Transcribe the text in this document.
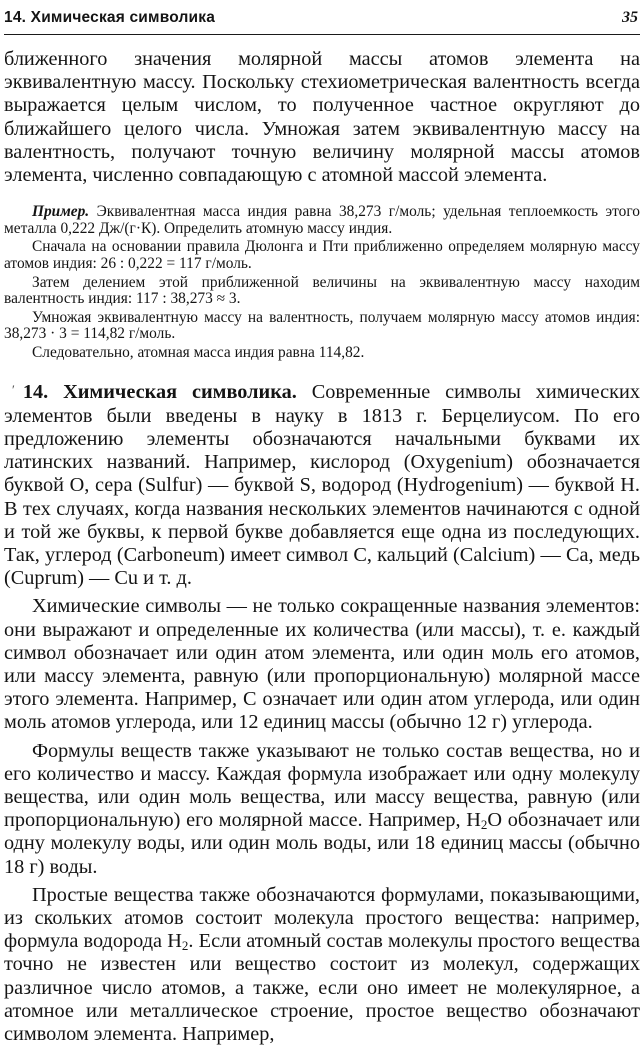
14. Химическая символика	35

ближенного значения молярной массы атомов элемента на эквивалентную массу. Поскольку стехиометрическая валентность всегда выражается целым числом, то полученное частное округляют до ближайшего целого числа. Умножая затем эквивалентную массу на валентность, получают точную величину молярной массы атомов элемента, численно совпадающую с атомной массой элемента.

Пример. Эквивалентная масса индия равна 38,273 г/моль; удельная теплоемкость этого металла 0,222 Дж/(г·К). Определить атомную массу индия.

Сначала на основании правила Дюлонга и Пти приближенно определяем молярную массу атомов индия: 26 : 0,222 = 117 г/моль.

Затем делением этой приближенной величины на эквивалентную массу находим валентность индия: 117 : 38,273 ≈ 3.

Умножая эквивалентную массу на валентность, получаем молярную массу атомов индия: 38,273 · 3 = 114,82 г/моль.

Следовательно, атомная масса индия равна 114,82.

′ 14. Химическая символика. Современные символы химических элементов были введены в науку в 1813 г. Берцелиусом. По его предложению элементы обозначаются начальными буквами их латинских названий. Например, кислород (Oxygenium) обозначается буквой О, сера (Sulfur) — буквой S, водород (Hydrogenium) — буквой Н. В тех случаях, когда названия нескольких элементов начинаются с одной и той же буквы, к первой букве добавляется еще одна из последующих. Так, углерод (Carboneum) имеет символ С, кальций (Calcium) — Са, медь (Cuprum) — Cu и т. д.

Химические символы — не только сокращенные названия элементов: они выражают и определенные их количества (или массы), т. е. каждый символ обозначает или один атом элемента, или один моль его атомов, или массу элемента, равную (или пропорциональную) молярной массе этого элемента. Например, С означает или один атом углерода, или один моль атомов углерода, или 12 единиц массы (обычно 12 г) углерода.

Формулы веществ также указывают не только состав вещества, но и его количество и массу. Каждая формула изображает или одну молекулу вещества, или один моль вещества, или массу вещества, равную (или пропорциональную) его молярной массе. Например, $Н_2О$ обозначает или одну молекулу воды, или один моль воды, или 18 единиц массы (обычно 18 г) воды.

Простые вещества также обозначаются формулами, показывающими, из скольких атомов состоит молекула простого вещества: например, формула водорода $Н_2$. Если атомный состав молекулы простого вещества точно не известен или вещество состоит из молекул, содержащих различное число атомов, а также, если оно имеет не молекулярное, а атомное или металлическое строение, простое вещество обозначают символом элемента. Например,
